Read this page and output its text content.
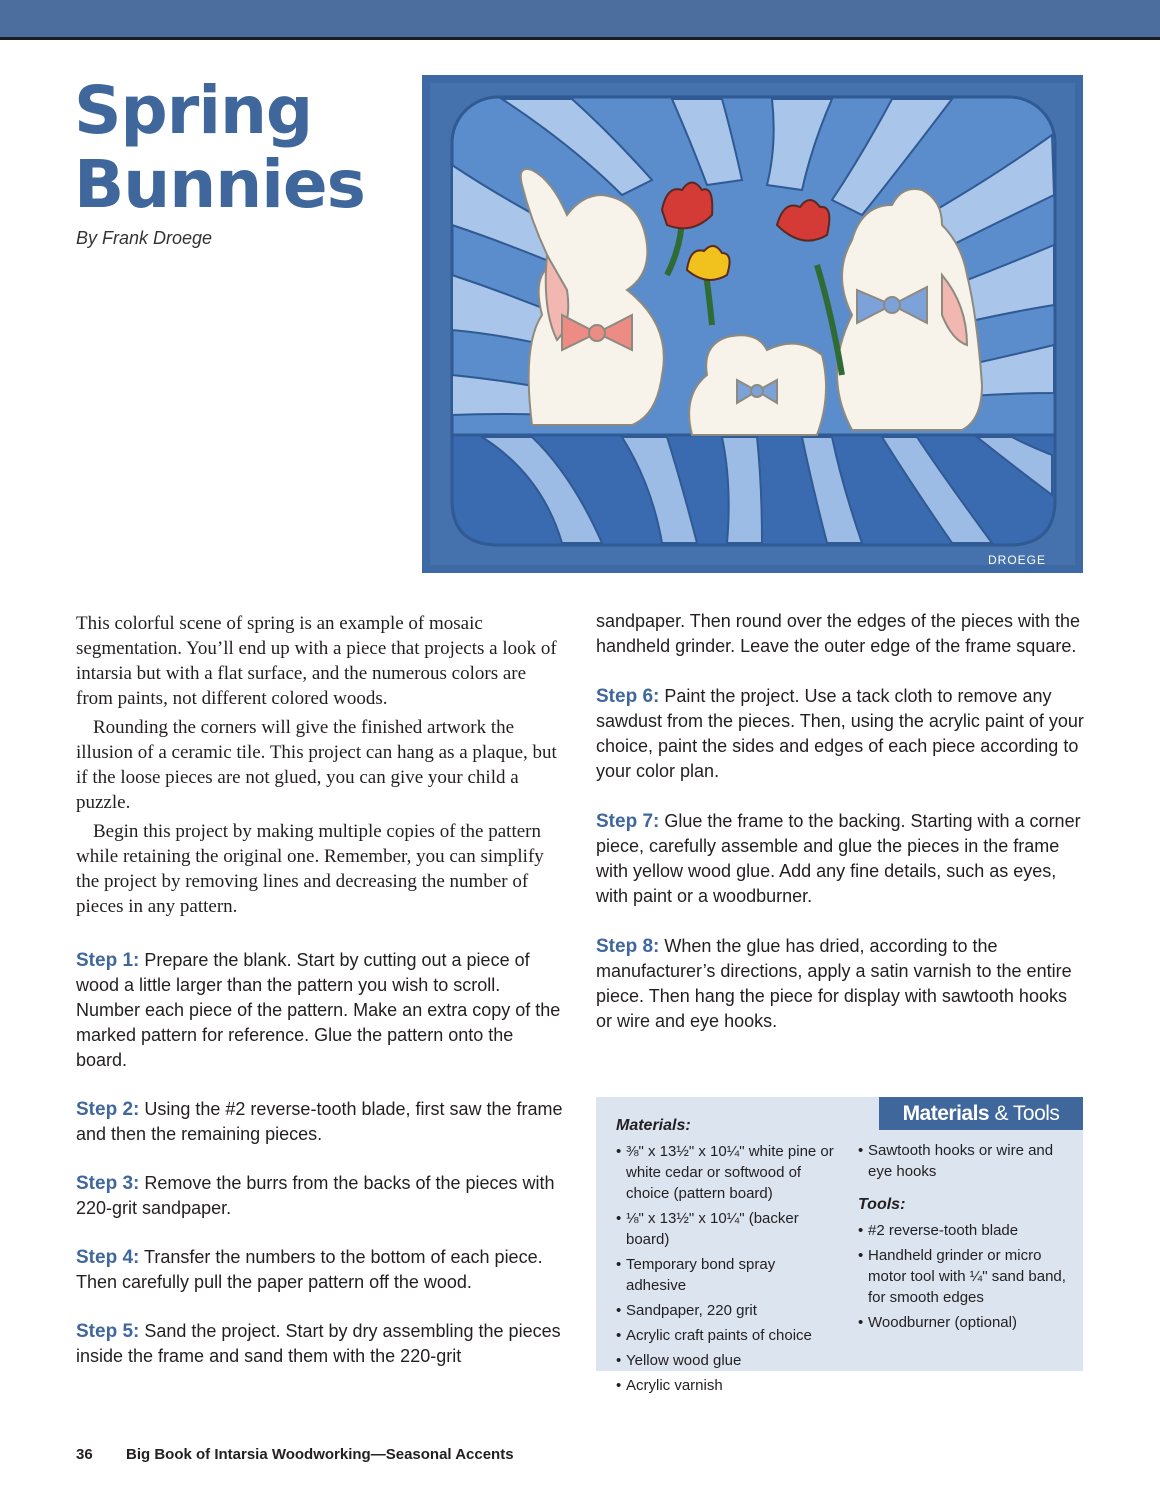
Spring
Bunnies
By Frank Droege
DROEGE

This colorful scene of spring is an example of mosaic segmentation. You’ll end up with a piece that projects a look of intarsia but with a flat surface, and the numerous colors are from paints, not different colored woods.

Rounding the corners will give the finished artwork the illusion of a ceramic tile. This project can hang as a plaque, but if the loose pieces are not glued, you can give your child a puzzle.

Begin this project by making multiple copies of the pattern while retaining the original one. Remember, you can simplify the project by removing lines and decreasing the number of pieces in any pattern.

Step 1: Prepare the blank. Start by cutting out a piece of wood a little larger than the pattern you wish to scroll. Number each piece of the pattern. Make an extra copy of the marked pattern for reference. Glue the pattern onto the board.

Step 2: Using the #2 reverse-tooth blade, first saw the frame and then the remaining pieces.

Step 3: Remove the burrs from the backs of the pieces with 220-grit sandpaper.

Step 4: Transfer the numbers to the bottom of each piece. Then carefully pull the paper pattern off the wood.

Step 5: Sand the project. Start by dry assembling the pieces inside the frame and sand them with the 220-grit

sandpaper. Then round over the edges of the pieces with the handheld grinder. Leave the outer edge of the frame square.

Step 6: Paint the project. Use a tack cloth to remove any sawdust from the pieces. Then, using the acrylic paint of your choice, paint the sides and edges of each piece according to your color plan.

Step 7: Glue the frame to the backing. Starting with a corner piece, carefully assemble and glue the pieces in the frame with yellow wood glue. Add any fine details, such as eyes, with paint or a woodburner.

Step 8: When the glue has dried, according to the manufacturer’s directions, apply a satin varnish to the entire piece. Then hang the piece for display with sawtooth hooks or wire and eye hooks.

Materials & Tools
Materials:
• ⅜" x 13½" x 10¼" white pine or white cedar or softwood of choice (pattern board)
• ⅛" x 13½" x 10¼" (backer board)
• Temporary bond spray adhesive
• Sandpaper, 220 grit
• Acrylic craft paints of choice
• Yellow wood glue
• Acrylic varnish
• Sawtooth hooks or wire and eye hooks
Tools:
• #2 reverse-tooth blade
• Handheld grinder or micro motor tool with ¼" sand band, for smooth edges
• Woodburner (optional)
36 Big Book of Intarsia Woodworking—Seasonal Accents
